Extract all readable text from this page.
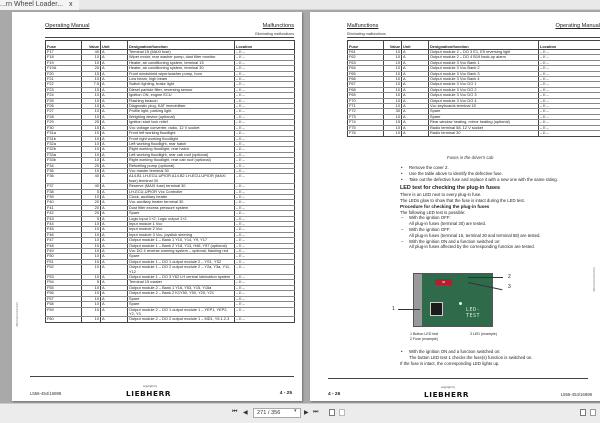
...rn Wheel Loader... x
Operating Manual	Malfunctions
Eliminating malfunctions
Fuse	Value	Unit	Designation/function	Location
F17	40	A	Terminal 15 (MAXI fuse)	– II –
F18	10	A	Wiper motor, rear washer pump, dust filter monitor	– II –
F19	10	A	Heater, air conditioning system, terminal 15	– II –
F19A	20	A	Heater, air conditioning system, terminal 30	– II –
F20	15	A	Front windshield wiper/washer pump, horn	– II –
F21	10	A	Low beam, high beam	– II –
F22	7.5	A	Switch lighting, brake light	– II –
F23	15	A	Diesel particle filter, reversing sensor	– II –
F24	10	A	Ignition ON, engine ECU	– II –
F25	10	A	Flashing beacon	– II –
F26	10	A	Diagnostic plug, KAT immobiliser	– II –
F27	10	A	Profile light, parking light	– II –
F28	10	A	Weighing device (optional)	– II –
F29	25	A	Ignition start lock relief	– II –
F30	15	A	Vcc voltage converter, radio, 12 V socket	– II –
F31a	10	A	Front left working floodlight	– II –
F31b	10	A	Front right working floodlight	– II –
F32a	10	A	Left working floodlight, rear hatch	– II –
F32b	10	A	Right working floodlight, rear hatch	– II –
F33a	10	A	Left working floodlight, rear cab roof (optional)	– II –
F33b	10	A	Right working floodlight, rear cab roof (optional)	– II –
F34	20	A	Refuelling pump (optional)	– II –
F35	10	A	Vcc master terminal 30	– II –
F36	40	A	A14.B1 LH-ECU-UPIOR A14.B2 LH-ECU-UPIOR (MAXI fuse) terminal 30	– II –
F37	40	A	Reserve (MAXI fuse) terminal 30	– II –
F38	5	A	LH-ECU-UPIOR Vcc Controller	– II –
F39	10	A	Clock, auxiliary heater	– II –
F40	20	A	Vcc auxiliary heater terminal 30	– II –
F41	20	A	Dust filter excess pressure system	– II –
F42	20	A	Spare	– II –
F43	5	A	Logic input 1+2, Logic output 1+2	– II –
F44	10	A	Input module 1 Vcc	– II –
F45	10	A	Input module 2 Vcc	– II –
F46	10	A	Input module 3 Vcc, joystick steering	– II –
F47	10	A	Output module 1 – Bank 1 Y10, Y14, Y9, Y17	– II –
F48	10	A	Output module 1 – Bank 2 Y18, Y13, H46, Y57 (optional)	– II –
F49	10	A	Vcc DO 4 reverse warning system – optional, flashing red	– II –
F50	10	A	Spare	– II –
F51	10	A	Output module 1 – DO 1 output module 2 – YS1, YS2	– II –
F52	10	A	Output module 1 – DO 2 output module 2 – Y2a, Y3a, Y11, Y12	– II –
F53	10	A	Output module 1 – DO 3 Y62 LH central lubrication system	– II –
F54	5	A	Terminal 15 master	– II –
F55	10	A	Output module 2 – Bank 1 Y16, Y53, Y15, Y15a	– II –
F56	10	A	Output module 2 – Bank 2 K1Y50, Y50, Y20, Y21	– II –
F57	10	A	Spare	– II –
F58	10	A	Spare	– II –
F59	10	A	Output module 2 – DO 1 output module 1 – YEP1, YEP2, Y2, Y3	– II –
F60	10	A	Output module 2 – DO 2 output module 1 – MD1, Y6.1.2.3	– II –
MDXXXXXXXXXXXX
copyright by
L556-454/16898	LIEBHERR	4 - 25
Malfunctions	Operating Manual
Eliminating malfunctions
Fuse	Value	Unit	Designation/function	Location
F61	10	A	Output module 2 – DO 3 E1, E5 reversing light	– II –
F62	10	A	Output module 2 – DO 4 B19 back-up alarm	– II –
F63	10	A	Output module 3 Vcc Bank 1	– II –
F64	10	A	Output module 3 Vcc Bank 2	– II –
F65	10	A	Output module 3 Vcc Bank 3	– II –
F66	10	A	Output module 3 Vcc Bank 4	– II –
F67	10	A	Output module 3 Vcc DO 1	– II –
F68	10	A	Output module 3 Vcc DO 2	– II –
F69	10	A	Output module 3 Vcc DO 3	– II –
F70	10	A	Output module 3 Vcc DO 4	– II –
F71	10	A	Vcc keyboards terminal 15	– II –
F72	30	A	Spare	– II –
F73	10	A	Spare	– II –
F74	15	A	Rear window heating, mirror heating (optional)	– II –
F75	10	A	Radio terminal 58, 12 V socket	– II –
F76	10	A	Radio terminal 30	– II –
Fuses in the driver's cab
• Remove the cover 2.
• Use the table above to identify the defective fuse.
• Take out the defective fuse and replace it with a new one with the same rating.
LED test for checking the plug-in fuses
There is an LED next to every plug-in fuse.
The LEDs glow to show that the fuse is intact during the LED test.
Procedure for checking the plug-in fuses
The following LED test is possible:
– With the ignition OFF:
All plug-in fuses (terminal 30) are tested.
– With the ignition OFF:
All plug-in fuses (terminal 15, terminal 30 and terminal 58) are tested.
– With the ignition ON and a function switched on:
All plug-in fuses affected by the corresponding function are tested.
30
LED-TEST
1
2
3
1 Button LED test
2 Fuse (example)
3 LED (example)
• With the ignition ON and a function switched on:
The button LED test 1 checks the fuse(s) function is switched on.
If the fuse is intact, the corresponding LED lights up.
MDXXXXXXXXXXXX
copyright by
4 - 26	LIEBHERR	L556-454/16898
⏮ ◀	271 / 356	▾ ▶ ⏭
